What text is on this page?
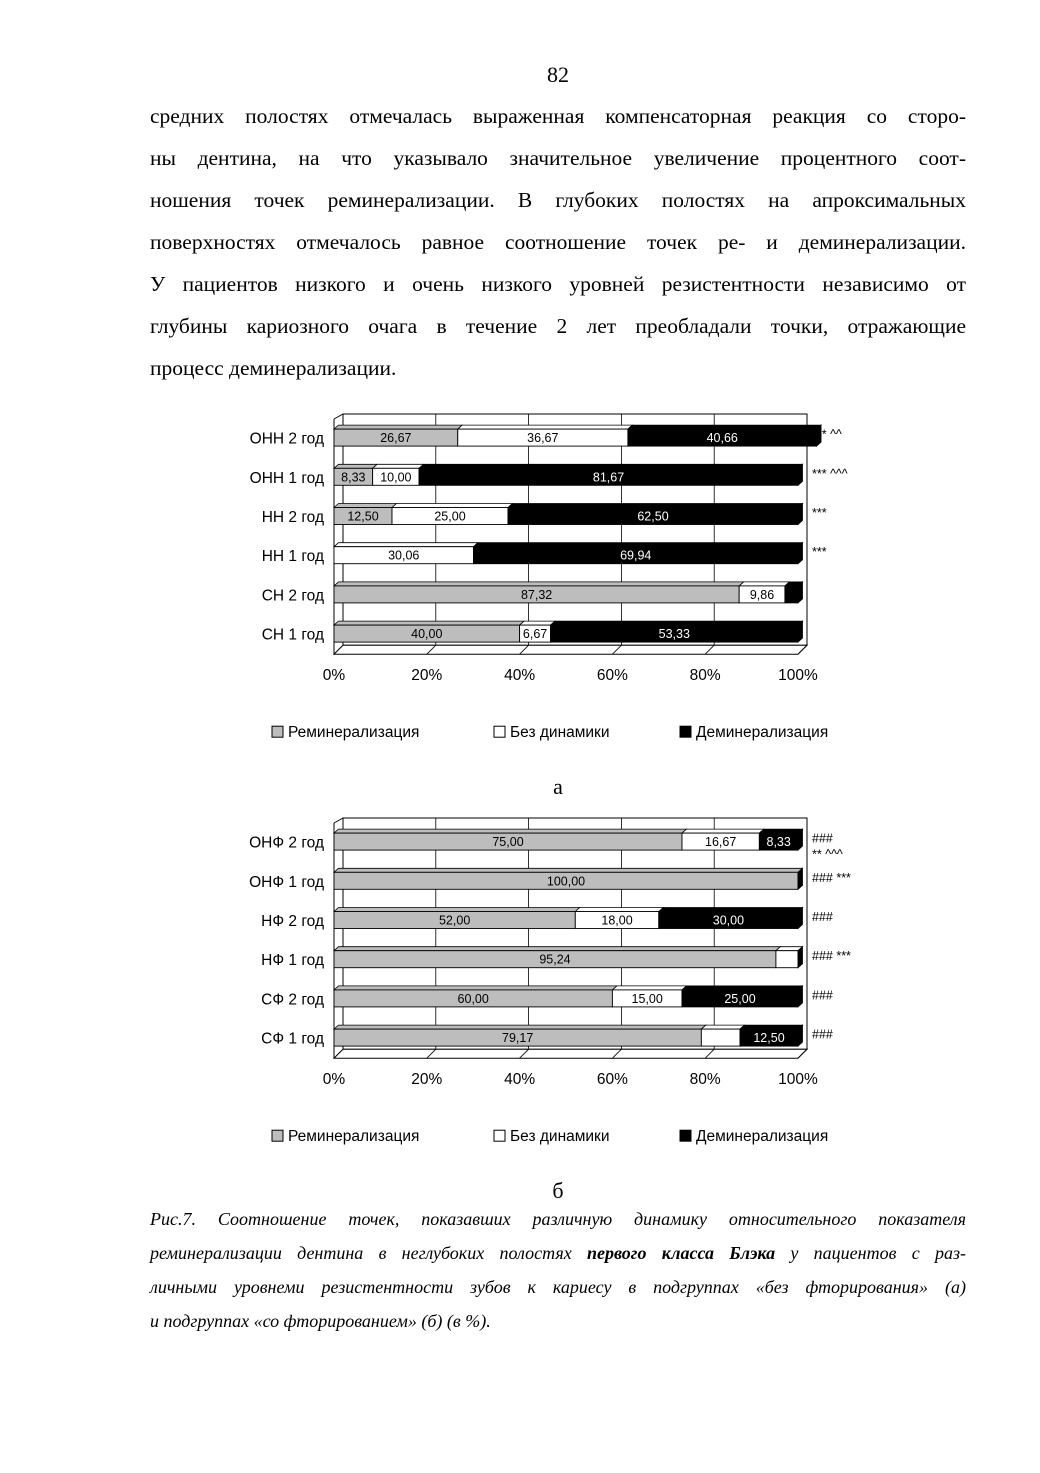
82
средних полостях отмечалась выраженная компенсаторная реакция со сторо-
ны дентина, на что указывало значительное увеличение процентного соот-
ношения точек реминерализации. В глубоких полостях на апроксимальных
поверхностях отмечалось равное соотношение точек ре- и деминерализации.
У пациентов низкого и очень низкого уровней резистентности независимо от
глубины кариозного очага в течение 2 лет преобладали точки, отражающие
процесс деминерализации.
0%	20%	40%	60%	80%	100%
ОНН 2 год	26,67	36,67	40,66	*** ^^
ОНН 1 год 8,33 10,00	81,67	*** ^^^
НН 2 год 12,50	25,00	62,50	***
НН 1 год	30,06	69,94	***
СН 2 год	87,32	9,86
СН 1 год	40,00	6,67	53,33
Реминерализация	Без динамики	Деминерализация
а
0%	20%	40%	60%	80%	100%
ОНФ 2 год	75,00	16,67 8,33 ###
** ^^^
ОНФ 1 год	100,00	### ***
НФ 2 год	52,00	18,00	30,00	###
НФ 1 год	95,24	### ***
СФ 2 год	60,00	15,00	25,00	###
СФ 1 год	79,17	12,50 ###
Реминерализация	Без динамики	Деминерализация
б
Рис.7. Соотношение точек, показавших различную динамику относительного показателя
реминерализации дентина в неглубоких полостях первого класса Блэка у пациентов с раз-
личными уровнеми резистентности зубов к кариесу в подгруппах «без фторирования» (а)
и подгруппах «со фторированием» (б) (в %).
